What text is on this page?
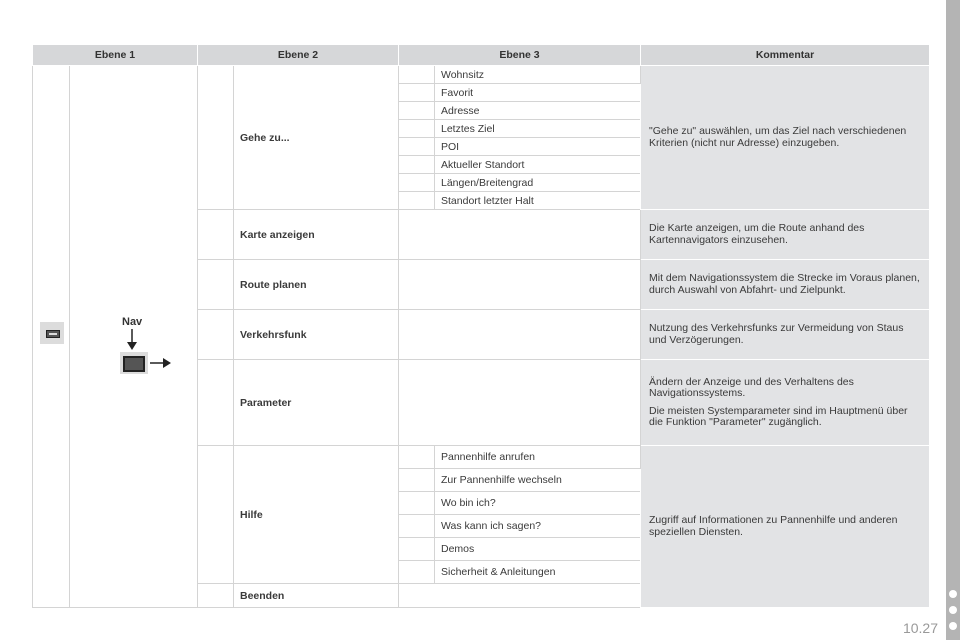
Ebene 1		Ebene 2		Ebene 3		Kommentar

	Nav		Gehe zu...		Wohnsitz	"Gehe zu" auswählen, um das Ziel nach verschiedenen Kriterien (nicht nur Adresse) einzugeben.
					Favorit	
					Adresse	
					Letztes Ziel	
					POI	
					Aktueller Standort	
					Längen/Breitengrad	
					Standort letzter Halt	
			Karte anzeigen			Die Karte anzeigen, um die Route anhand des Kartennavigators einzusehen.
			Route planen			Mit dem Navigationssystem die Strecke im Voraus planen, durch Auswahl von Abfahrt- und Zielpunkt.
			Verkehrsfunk			Nutzung des Verkehrsfunks zur Vermeidung von Staus und Verzögerungen.
			Parameter			Ändern der Anzeige und des Verhaltens des Navigationssystems.

Die meisten Systemparameter sind im Hauptmenü über die Funktion "Parameter" zugänglich.

			Hilfe		Pannenhilfe anrufen	Zugriff auf Informationen zu Pannenhilfe und anderen speziellen Diensten.
					Zur Pannenhilfe wechseln	
					Wo bin ich?	
					Was kann ich sagen?	
					Demos	
					Sicherheit & Anleitungen	
			Beenden			
10.27
